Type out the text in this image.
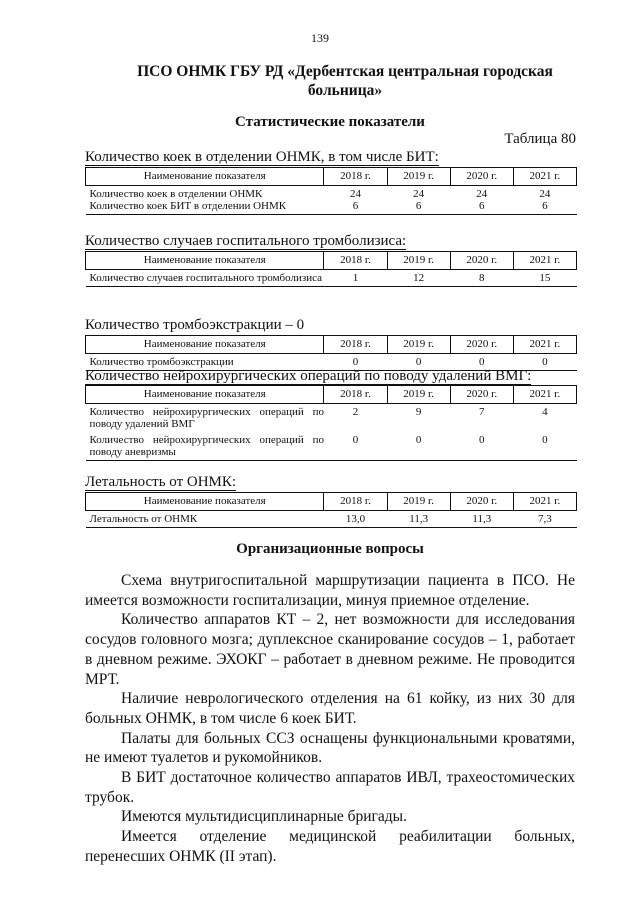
139
ПСО ОНМК ГБУ РД «Дербентская центральная городская больница»
Статистические показатели
Таблица 80
Количество коек в отделении ОНМК, в том числе БИТ:
Наименование показателя	2018 г.	2019 г.	2020 г.	2021 г.
Количество коек в отделении ОНМК	24	24	24	24
Количество коек БИТ в отделении ОНМК	6	6	6	6
Количество случаев госпитального тромболизиса:
Наименование показателя	2018 г.	2019 г.	2020 г.	2021 г.
Количество случаев госпитального тромболизиса	1	12	8	15
Количество тромбоэкстракции – 0
Наименование показателя	2018 г.	2019 г.	2020 г.	2021 г.
Количество тромбоэкстракции	0	0	0	0
Количество нейрохирургических операций по поводу удалений ВМГ:
Наименование показателя	2018 г.	2019 г.	2020 г.	2021 г.
Количество нейрохирургических операций по поводу удалений ВМГ	2	9	7	4
Количество нейрохирургических операций по поводу аневризмы	0	0	0	0
Летальность от ОНМК:
Наименование показателя	2018 г.	2019 г.	2020 г.	2021 г.
Летальность от ОНМК	13,0	11,3	11,3	7,3
Организационные вопросы

Схема внутригоспитальной маршрутизации пациента в ПСО. Не имеется возможности госпитализации, минуя приемное отделение.

Количество аппаратов КТ – 2, нет возможности для исследования сосудов головного мозга; дуплексное сканирование сосудов – 1, работает в дневном режиме. ЭХОКГ – работает в дневном режиме. Не проводится МРТ.

Наличие неврологического отделения на 61 койку, из них 30 для больных ОНМК, в том числе 6 коек БИТ.

Палаты для больных ССЗ оснащены функциональными кроватями, не имеют туалетов и рукомойников.

В БИТ достаточное количество аппаратов ИВЛ, трахеостомических трубок.

Имеются мультидисциплинарные бригады.

Имеется отделение медицинской реабилитации больных, перенесших ОНМК (II этап).
